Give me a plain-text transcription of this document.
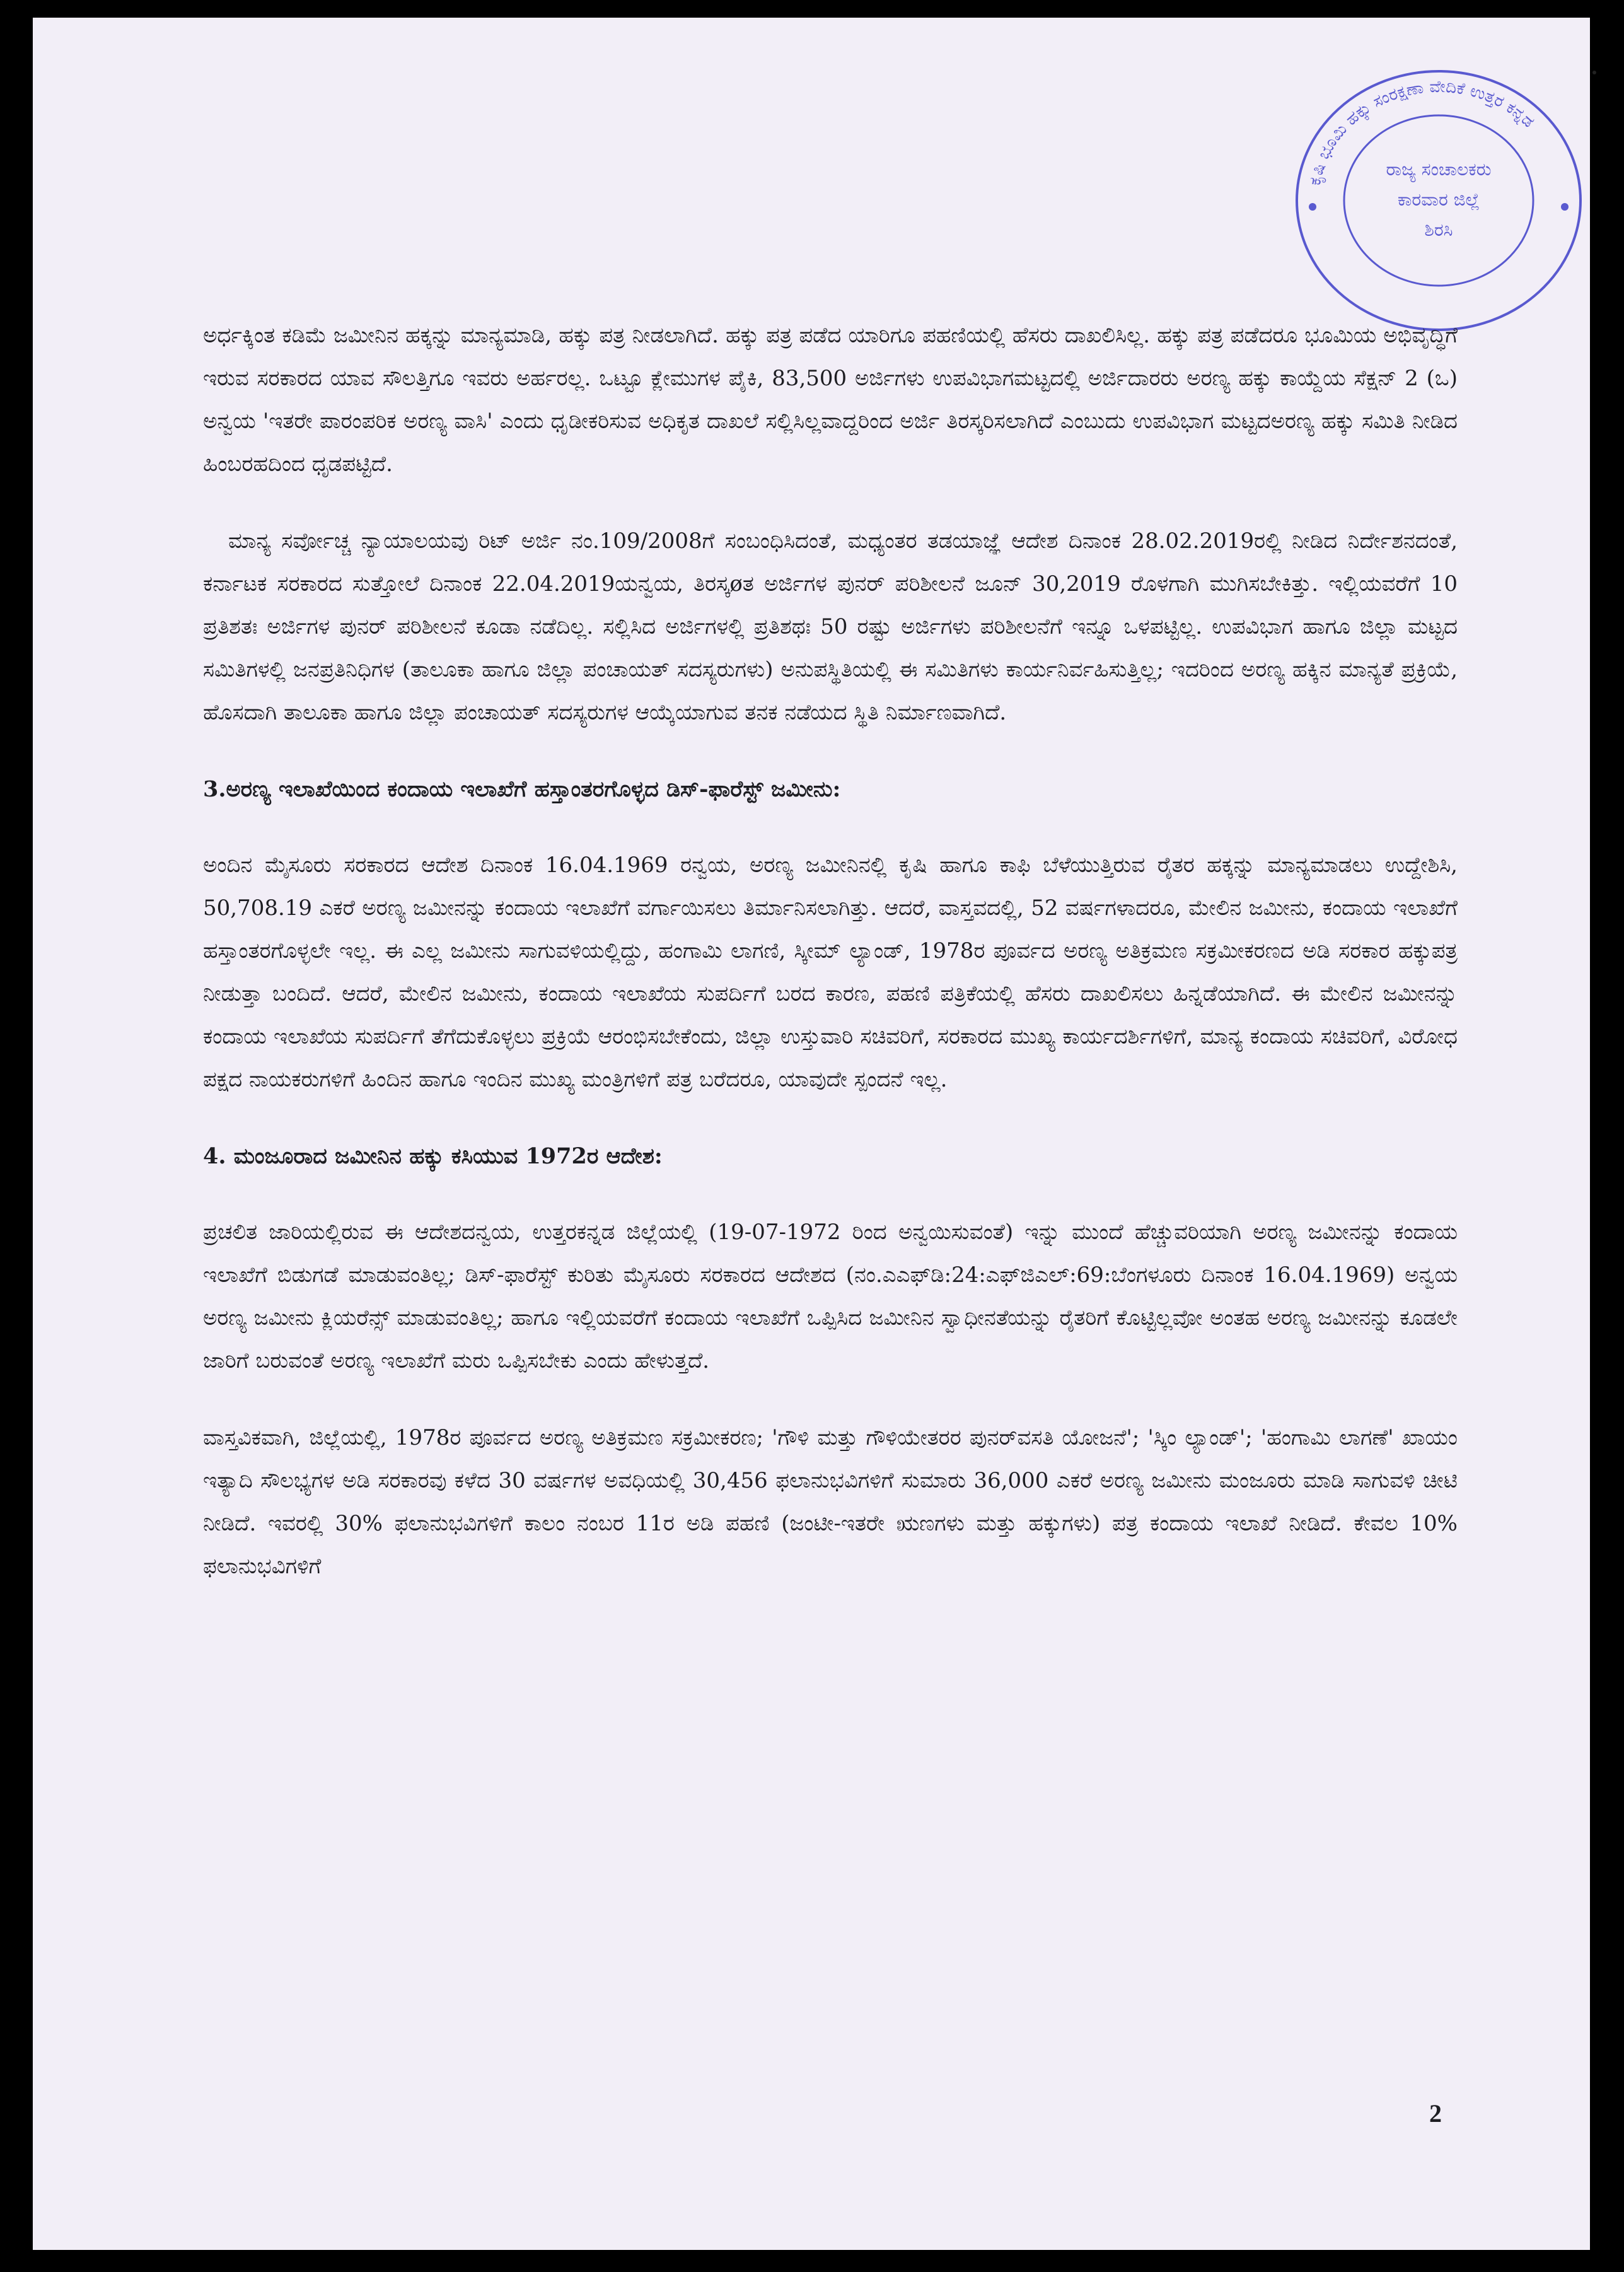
ಕೃಷಿ ಭೂಮಿ ಹಕ್ಕು ಸಂರಕ್ಷಣಾ ವೇದಿಕೆ ಉತ್ತರ ಕನ್ನಡ
ರಾಜ್ಯ ಸಂಚಾಲಕರು
ಕಾರವಾರ ಜಿಲ್ಲೆ
ಶಿರಸಿ

ಅರ್ಧಕ್ಕಿಂತ ಕಡಿಮೆ ಜಮೀನಿನ ಹಕ್ಕನ್ನು ಮಾನ್ಯಮಾಡಿ, ಹಕ್ಕು ಪತ್ರ ನೀಡಲಾಗಿದೆ. ಹಕ್ಕು ಪತ್ರ ಪಡೆದ ಯಾರಿಗೂ ಪಹಣಿಯಲ್ಲಿ ಹೆಸರು ದಾಖಲಿಸಿಲ್ಲ. ಹಕ್ಕು ಪತ್ರ ಪಡೆದರೂ ಭೂಮಿಯ ಅಭಿವೃದ್ಧಿಗೆ ಇರುವ ಸರಕಾರದ ಯಾವ ಸೌಲತ್ತಿಗೂ ಇವರು ಅರ್ಹರಲ್ಲ. ಒಟ್ಟೂ ಕ್ಲೇಮುಗಳ ಪೈಕಿ, 83,500 ಅರ್ಜಿಗಳು ಉಪವಿಭಾಗಮಟ್ಟದಲ್ಲಿ ಅರ್ಜಿದಾರರು ಅರಣ್ಯ ಹಕ್ಕು ಕಾಯ್ದೆಯ ಸೆಕ್ಷನ್ 2 (ಒ) ಅನ್ವಯ 'ಇತರೇ ಪಾರಂಪರಿಕ ಅರಣ್ಯ ವಾಸಿ' ಎಂದು ಧೃಡೀಕರಿಸುವ ಅಧಿಕೃತ ದಾಖಲೆ ಸಲ್ಲಿಸಿಲ್ಲವಾದ್ದರಿಂದ ಅರ್ಜಿ ತಿರಸ್ಕರಿಸಲಾಗಿದೆ ಎಂಬುದು ಉಪವಿಭಾಗ ಮಟ್ಟದಅರಣ್ಯ ಹಕ್ಕು ಸಮಿತಿ ನೀಡಿದ ಹಿಂಬರಹದಿಂದ ಧೃಡಪಟ್ಟಿದೆ.

ಮಾನ್ಯ ಸರ್ವೋಚ್ಚ ನ್ಯಾಯಾಲಯವು ರಿಟ್ ಅರ್ಜಿ ನಂ.109/2008ಗೆ ಸಂಬಂಧಿಸಿದಂತೆ, ಮಧ್ಯಂತರ ತಡಯಾಜ್ಞೆ ಆದೇಶ ದಿನಾಂಕ 28.02.2019ರಲ್ಲಿ ನೀಡಿದ ನಿರ್ದೇಶನದಂತೆ, ಕರ್ನಾಟಕ ಸರಕಾರದ ಸುತ್ತೋಲೆ ದಿನಾಂಕ 22.04.2019ಯನ್ವಯ, ತಿರಸ್ಕøತ ಅರ್ಜಿಗಳ ಪುನರ್ ಪರಿಶೀಲನೆ ಜೂನ್ 30,2019 ರೊಳಗಾಗಿ ಮುಗಿಸಬೇಕಿತ್ತು. ಇಲ್ಲಿಯವರೆಗೆ 10 ಪ್ರತಿಶತಃ ಅರ್ಜಿಗಳ ಪುನರ್ ಪರಿಶೀಲನೆ ಕೂಡಾ ನಡೆದಿಲ್ಲ. ಸಲ್ಲಿಸಿದ ಅರ್ಜಿಗಳಲ್ಲಿ ಪ್ರತಿಶಥಃ 50 ರಷ್ಟು ಅರ್ಜಿಗಳು ಪರಿಶೀಲನೆಗೆ ಇನ್ನೂ ಒಳಪಟ್ಟಿಲ್ಲ. ಉಪವಿಭಾಗ ಹಾಗೂ ಜಿಲ್ಲಾ ಮಟ್ಟದ ಸಮಿತಿಗಳಲ್ಲಿ ಜನಪ್ರತಿನಿಧಿಗಳ (ತಾಲೂಕಾ ಹಾಗೂ ಜಿಲ್ಲಾ ಪಂಚಾಯತ್ ಸದಸ್ಯರುಗಳು) ಅನುಪಸ್ಥಿತಿಯಲ್ಲಿ ಈ ಸಮಿತಿಗಳು ಕಾರ್ಯನಿರ್ವಹಿಸುತ್ತಿಲ್ಲ; ಇದರಿಂದ ಅರಣ್ಯ ಹಕ್ಕಿನ ಮಾನ್ಯತೆ ಪ್ರಕ್ರಿಯೆ, ಹೊಸದಾಗಿ ತಾಲೂಕಾ ಹಾಗೂ ಜಿಲ್ಲಾ ಪಂಚಾಯತ್ ಸದಸ್ಯರುಗಳ ಆಯ್ಕೆಯಾಗುವ ತನಕ ನಡೆಯದ ಸ್ಥಿತಿ ನಿರ್ಮಾಣವಾಗಿದೆ.

3.ಅರಣ್ಯ ಇಲಾಖೆಯಿಂದ ಕಂದಾಯ ಇಲಾಖೆಗೆ ಹಸ್ತಾಂತರಗೊಳ್ಳದ ಡಿಸ್-ಫಾರೆಸ್ಟ್ ಜಮೀನು:

ಅಂದಿನ ಮೈಸೂರು ಸರಕಾರದ ಆದೇಶ ದಿನಾಂಕ 16.04.1969 ರನ್ವಯ, ಅರಣ್ಯ ಜಮೀನಿನಲ್ಲಿ ಕೃಷಿ ಹಾಗೂ ಕಾಫಿ ಬೆಳೆಯುತ್ತಿರುವ ರೈತರ ಹಕ್ಕನ್ನು ಮಾನ್ಯಮಾಡಲು ಉದ್ದೇಶಿಸಿ, 50,708.19 ಎಕರೆ ಅರಣ್ಯ ಜಮೀನನ್ನು ಕಂದಾಯ ಇಲಾಖೆಗೆ ವರ್ಗಾಯಿಸಲು ತಿರ್ಮಾನಿಸಲಾಗಿತ್ತು. ಆದರೆ, ವಾಸ್ತವದಲ್ಲಿ, 52 ವರ್ಷಗಳಾದರೂ, ಮೇಲಿನ ಜಮೀನು, ಕಂದಾಯ ಇಲಾಖೆಗೆ ಹಸ್ತಾಂತರಗೊಳ್ಳಲೇ ಇಲ್ಲ. ಈ ಎಲ್ಲ ಜಮೀನು ಸಾಗುವಳಿಯಲ್ಲಿದ್ದು, ಹಂಗಾಮಿ ಲಾಗಣಿ, ಸ್ಕೀಮ್ ಲ್ಯಾಂಡ್, 1978ರ ಪೂರ್ವದ ಅರಣ್ಯ ಅತಿಕ್ರಮಣ ಸಕ್ರಮೀಕರಣದ ಅಡಿ ಸರಕಾರ ಹಕ್ಕುಪತ್ರ ನೀಡುತ್ತಾ ಬಂದಿದೆ. ಆದರೆ, ಮೇಲಿನ ಜಮೀನು, ಕಂದಾಯ ಇಲಾಖೆಯ ಸುಪರ್ದಿಗೆ ಬರದ ಕಾರಣ, ಪಹಣಿ ಪತ್ರಿಕೆಯಲ್ಲಿ ಹೆಸರು ದಾಖಲಿಸಲು ಹಿನ್ನಡೆಯಾಗಿದೆ. ಈ ಮೇಲಿನ ಜಮೀನನ್ನು ಕಂದಾಯ ಇಲಾಖೆಯ ಸುಪರ್ದಿಗೆ ತೆಗೆದುಕೊಳ್ಳಲು ಪ್ರಕ್ರಿಯೆ ಆರಂಭಿಸಬೇಕೆಂದು, ಜಿಲ್ಲಾ ಉಸ್ತುವಾರಿ ಸಚಿವರಿಗೆ, ಸರಕಾರದ ಮುಖ್ಯ ಕಾರ್ಯದರ್ಶಿಗಳಿಗೆ, ಮಾನ್ಯ ಕಂದಾಯ ಸಚಿವರಿಗೆ, ವಿರೋಧ ಪಕ್ಷದ ನಾಯಕರುಗಳಿಗೆ ಹಿಂದಿನ ಹಾಗೂ ಇಂದಿನ ಮುಖ್ಯ ಮಂತ್ರಿಗಳಿಗೆ ಪತ್ರ ಬರೆದರೂ, ಯಾವುದೇ ಸ್ಪಂದನೆ ಇಲ್ಲ.

4. ಮಂಜೂರಾದ ಜಮೀನಿನ ಹಕ್ಕು ಕಸಿಯುವ 1972ರ ಆದೇಶ:

ಪ್ರಚಲಿತ ಜಾರಿಯಲ್ಲಿರುವ ಈ ಆದೇಶದನ್ವಯ, ಉತ್ತರಕನ್ನಡ ಜಿಲ್ಲೆಯಲ್ಲಿ (19-07-1972 ರಿಂದ ಅನ್ವಯಿಸುವಂತೆ) ಇನ್ನು ಮುಂದೆ ಹೆಚ್ಚುವರಿಯಾಗಿ ಅರಣ್ಯ ಜಮೀನನ್ನು ಕಂದಾಯ ಇಲಾಖೆಗೆ ಬಿಡುಗಡೆ ಮಾಡುವಂತಿಲ್ಲ; ಡಿಸ್-ಫಾರೆಸ್ಟ್ ಕುರಿತು ಮೈಸೂರು ಸರಕಾರದ ಆದೇಶದ (ನಂ.ಎಎಫ್‌ಡಿ:24:ಎಫ್‌ಜಿಎಲ್:69:ಬೆಂಗಳೂರು ದಿನಾಂಕ 16.04.1969) ಅನ್ವಯ ಅರಣ್ಯ ಜಮೀನು ಕ್ಲಿಯರೆನ್ಸ್ ಮಾಡುವಂತಿಲ್ಲ; ಹಾಗೂ ಇಲ್ಲಿಯವರೆಗೆ ಕಂದಾಯ ಇಲಾಖೆಗೆ ಒಪ್ಪಿಸಿದ ಜಮೀನಿನ ಸ್ವಾಧೀನತೆಯನ್ನು ರೈತರಿಗೆ ಕೊಟ್ಟಿಲ್ಲವೋ ಅಂತಹ ಅರಣ್ಯ ಜಮೀನನ್ನು ಕೂಡಲೇ ಜಾರಿಗೆ ಬರುವಂತೆ ಅರಣ್ಯ ಇಲಾಖೆಗೆ ಮರು ಒಪ್ಪಿಸಬೇಕು ಎಂದು ಹೇಳುತ್ತದೆ.

ವಾಸ್ತವಿಕವಾಗಿ, ಜಿಲ್ಲೆಯಲ್ಲಿ, 1978ರ ಪೂರ್ವದ ಅರಣ್ಯ ಅತಿಕ್ರಮಣ ಸಕ್ರಮೀಕರಣ; 'ಗೌಳಿ ಮತ್ತು ಗೌಳಿಯೇತರರ ಪುನರ್‌ವಸತಿ ಯೋಜನೆ'; 'ಸ್ಕಿಂ ಲ್ಯಾಂಡ್'; 'ಹಂಗಾಮಿ ಲಾಗಣೆ' ಖಾಯಂ ಇತ್ಯಾದಿ ಸೌಲಭ್ಯಗಳ ಅಡಿ ಸರಕಾರವು ಕಳೆದ 30 ವರ್ಷಗಳ ಅವಧಿಯಲ್ಲಿ 30,456 ಫಲಾನುಭವಿಗಳಿಗೆ ಸುಮಾರು 36,000 ಎಕರೆ ಅರಣ್ಯ ಜಮೀನು ಮಂಜೂರು ಮಾಡಿ ಸಾಗುವಳಿ ಚೀಟಿ ನೀಡಿದೆ. ಇವರಲ್ಲಿ 30% ಫಲಾನುಭವಿಗಳಿಗೆ ಕಾಲಂ ನಂಬರ 11ರ ಅಡಿ ಪಹಣಿ (ಜಂಟೀ-ಇತರೇ ಋಣಗಳು ಮತ್ತು ಹಕ್ಕುಗಳು) ಪತ್ರ ಕಂದಾಯ ಇಲಾಖೆ ನೀಡಿದೆ. ಕೇವಲ 10% ಫಲಾನುಭವಿಗಳಿಗೆ

2
